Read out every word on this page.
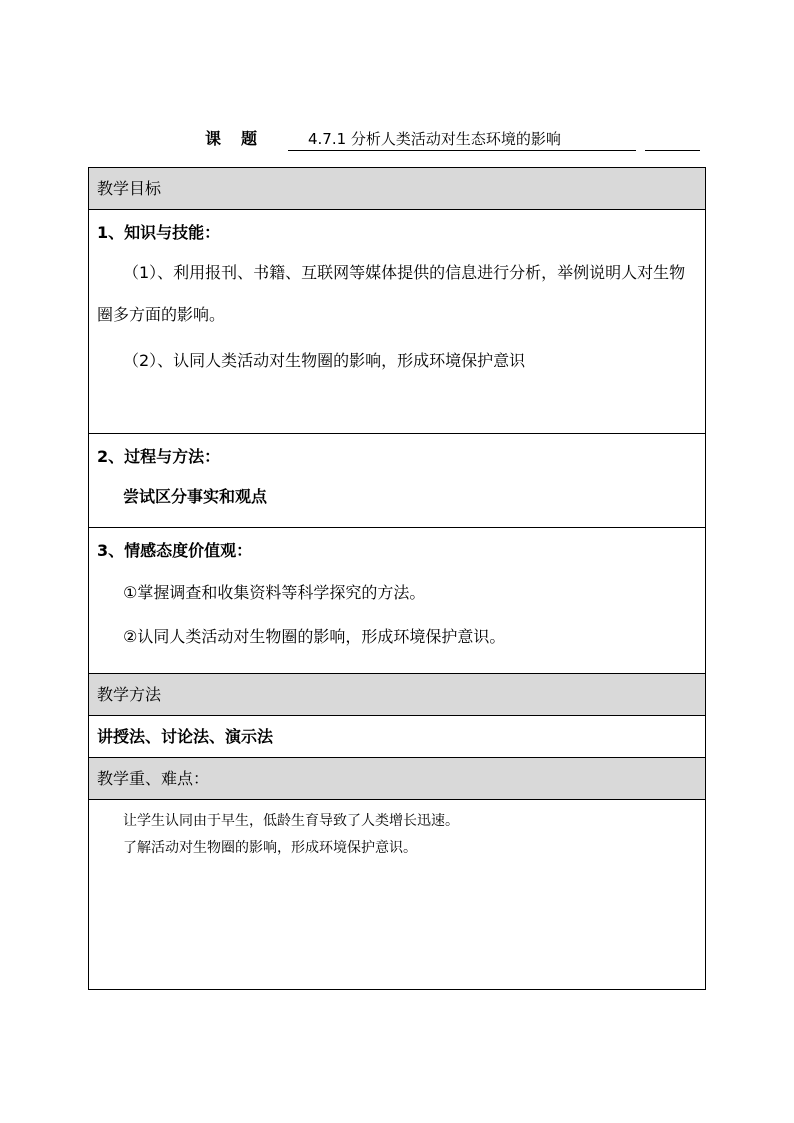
课题	4.7.1 分析人类活动对生态环境的影响
教学目标
1、知识与技能：
（1）、利用报刊、书籍、互联网等媒体提供的信息进行分析，举例说明人对生物圈多方面的影响。
（2）、认同人类活动对生物圈的影响，形成环境保护意识
2、过程与方法：
尝试区分事实和观点
3、情感态度价值观：
①掌握调查和收集资料等科学探究的方法。
②认同人类活动对生物圈的影响，形成环境保护意识。
教学方法
讲授法、讨论法、演示法
教学重、难点：
让学生认同由于早生，低龄生育导致了人类增长迅速。
了解活动对生物圈的影响，形成环境保护意识。
